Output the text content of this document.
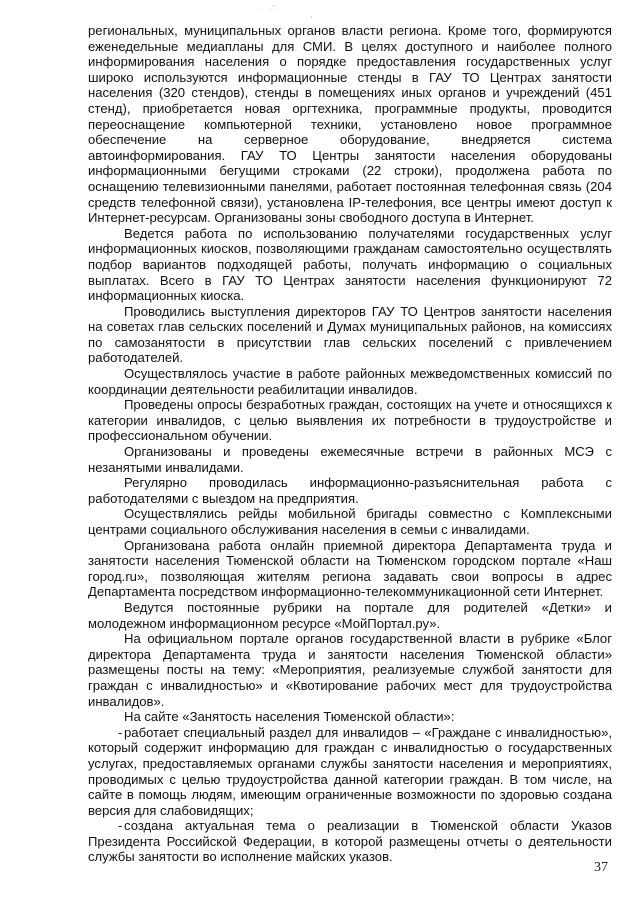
·  ·ˆ·
′

региональных, муниципальных органов власти региона. Кроме того, формируются еженедельные медиапланы для СМИ. В целях доступного и наиболее полного информирования населения о порядке предоставления государственных услуг широко используются информационные стенды в ГАУ ТО Центрах занятости населения (320 стендов), стенды в помещениях иных органов и учреждений (451 стенд), приобретается новая оргтехника, программные продукты, проводится переоснащение компьютерной техники, установлено новое программное обеспечение на серверное оборудование, внедряется система автоинформирования. ГАУ ТО Центры занятости населения оборудованы информационными бегущими строками (22 строки), продолжена работа по оснащению телевизионными панелями, работает постоянная телефонная связь (204 средств телефонной связи), установлена IP-телефония, все центры имеют доступ к Интернет-ресурсам. Организованы зоны свободного доступа в Интернет.

Ведется работа по использованию получателями государственных услуг информационных киосков, позволяющими гражданам самостоятельно осуществлять подбор вариантов подходящей работы, получать информацию о социальных выплатах. Всего в ГАУ ТО Центрах занятости населения функционируют 72 информационных киоска.

Проводились выступления директоров ГАУ ТО Центров занятости населения на советах глав сельских поселений и Думах муниципальных районов, на комиссиях по самозанятости в присутствии глав сельских поселений с привлечением работодателей.

Осуществлялось участие в работе районных межведомственных комиссий по координации деятельности реабилитации инвалидов.

Проведены опросы безработных граждан, состоящих на учете и относящихся к категории инвалидов, с целью выявления их потребности в трудоустройстве и профессиональном обучении.

Организованы и проведены ежемесячные встречи в районных МСЭ с незанятыми инвалидами.

Регулярно проводилась информационно-разъяснительная работа с работодателями с выездом на предприятия.

Осуществлялись рейды мобильной бригады совместно с Комплексными центрами социального обслуживания населения в семьи с инвалидами.

Организована работа онлайн приемной директора Департамента труда и занятости населения Тюменской области на Тюменском городском портале «Наш город.ru», позволяющая жителям региона задавать свои вопросы в адрес Департамента посредством информационно-телекоммуникационной сети Интернет.

Ведутся постоянные рубрики на портале для родителей «Детки» и молодежном информационном ресурсе «МойПортал.ру».

На официальном портале органов государственной власти в рубрике «Блог директора Департамента труда и занятости населения Тюменской области» размещены посты на тему: «Мероприятия, реализуемые службой занятости для граждан с инвалидностью» и «Квотирование рабочих мест для трудоустройства инвалидов».

На сайте «Занятость населения Тюменской области»:

- работает специальный раздел для инвалидов – «Граждане с инвалидностью», который содержит информацию для граждан с инвалидностью о государственных услугах, предоставляемых органами службы занятости населения и мероприятиях, проводимых с целью трудоустройства данной категории граждан. В том числе, на сайте в помощь людям, имеющим ограниченные возможности по здоровью создана версия для слабовидящих;

- создана актуальная тема о реализации в Тюменской области Указов Президента Российской Федерации, в которой размещены отчеты о деятельности службы занятости во исполнение майских указов.

37
